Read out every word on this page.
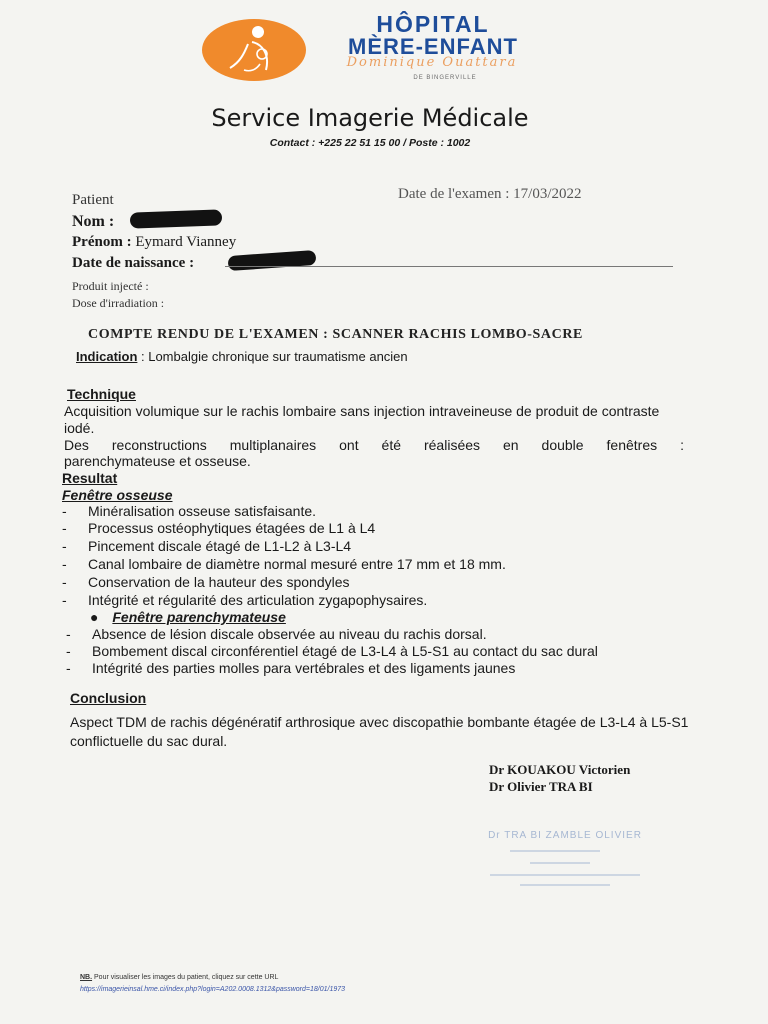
HÔPITAL
MÈRE-ENFANT
Dominique Ouattara
DE BINGERVILLE
Service Imagerie Médicale
Contact : +225 22 51 15 00 / Poste : 1002
Patient
Nom :
Prénom : Eymard Vianney
Date de naissance :
Produit injecté :
Dose d'irradiation :
Date de l'examen : 17/03/2022
COMPTE RENDU DE L'EXAMEN : SCANNER RACHIS LOMBO-SACRE
Indication : Lombalgie chronique sur traumatisme ancien
Technique
Acquisition volumique sur le rachis lombaire sans injection intraveineuse de produit de contraste iodé.
Des reconstructions multiplanaires ont été réalisées en double fenêtres :
parenchymateuse et osseuse.
Resultat
Fenêtre osseuse
- Minéralisation osseuse satisfaisante.
- Processus ostéophytiques étagées de L1 à L4
- Pincement discale étagé de L1-L2 à L3-L4
- Canal lombaire de diamètre normal mesuré entre 17 mm et 18 mm.
- Conservation de la hauteur des spondyles
- Intégrité et régularité des articulation zygapophysaires.
● Fenêtre parenchymateuse
- Absence de lésion discale observée au niveau du rachis dorsal.
- Bombement discal circonférentiel étagé de L3-L4 à L5-S1 au contact du sac dural
- Intégrité des parties molles para vertébrales et des ligaments jaunes
Conclusion
Aspect TDM de rachis dégénératif arthrosique avec discopathie bombante étagée de L3-L4 à L5-S1 conflictuelle du sac dural.
Dr KOUAKOU Victorien
Dr Olivier TRA BI
Dr TRA BI ZAMBLE OLIVIER
NB. Pour visualiser les images du patient, cliquez sur cette URL
https://imagerieinsal.hme.ci/index.php?login=A202.0008.1312&password=18/01/1973
